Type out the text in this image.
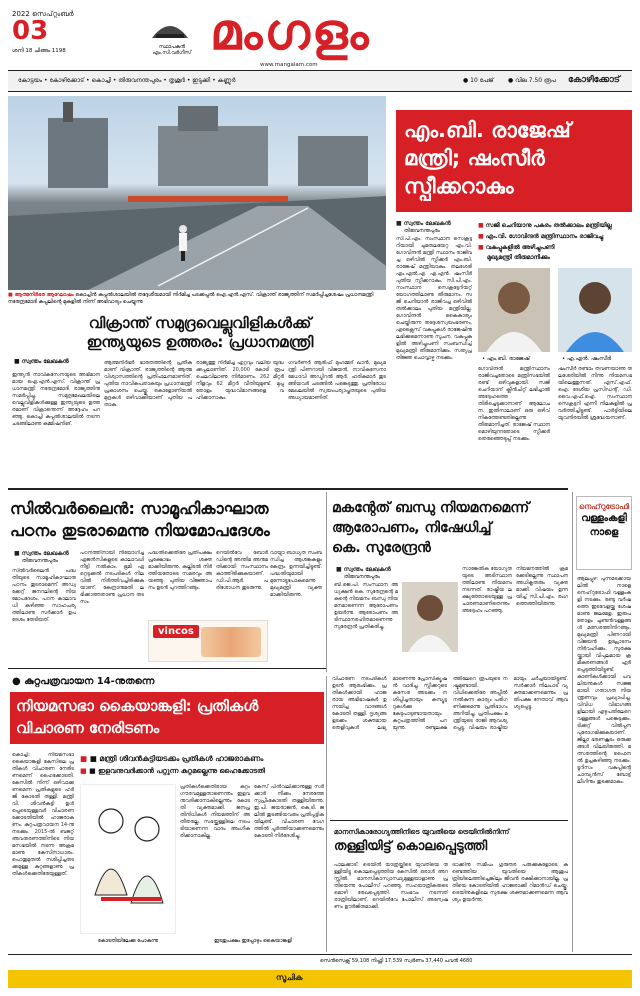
2022 സെപ്റ്റംബർ
03
ശനി 18 ചിങ്ങം 1198
സ്ഥാപകൻ
എം.സി.വർഗീസ് മംഗളം
www.mangalam.com
കോട്ടയം • കോഴിക്കോട് • കൊച്ചി • തിരുവനന്തപുരം • തൃശൂർ • ഇടുക്കി • കണ്ണൂർ	● 10 പേജ് ● വില 7.50 രൂപ കോഴിക്കോട്
■ ആത്മനിർഭര ആഘോഷം കൊച്ചിൻ കപ്പൽശാലയിൽ തദ്ദേശീയമായി നിർമിച്ച പടക്കപ്പൽ ഐ.എൻ.എസ്. വിക്രാന്ത് രാജ്യത്തിന് സമർപ്പിച്ചശേഷം പ്രധാനമന്ത്രി നരേന്ദ്രമോദി കപ്പലിന്റെ മുകളിൽ നിന്ന് അഭിവാദ്യം ചെയ്യുന്നു
എം.ബി. രാജേഷ്
മന്ത്രി; ഷംസീർ
സ്പീക്കറാകും
■ സ്വന്തം ലേഖകൻ
തിരുവനന്തപുരം
സി.പി.എം. സംസ്ഥാന സെക്രട്ടറിയായി ചുമതലയേറ്റ എം.വി. ഗോവിന്ദൻ മന്ത്രി സ്ഥാനം രാജിവച്ച ഒഴിവിൽ സ്പീക്കർ എം.ബി. രാജേഷ് മന്ത്രിയാകും. തലശേരി എം.എൽ.എ. എ.എൻ. ഷംസീർ പുതിയ സ്പീക്കറാകും. സി.പി.എം. സംസ്ഥാന സെക്രട്ടേറിയറ്റ് യോഗത്തിലാണു തീരുമാനം. സജി ചെറിയാൻ രാജിവച്ച ഒഴിവിൽ തൽക്കാലം പുതിയ മന്ത്രിയില്ല. ഗോവിന്ദൻ കൈകാര്യം ചെയ്തിരുന്ന തദ്ദേശസ്വയംഭരണം, എക്സൈസ് വകുപ്പുകൾ രാജേഷിനു ലഭിക്കുമെന്നാണു സൂചന. വകുപ്പുകളിൽ അഴിച്ചുപണി സംബന്ധിച്ച് മുഖ്യമന്ത്രി തീരുമാനിക്കും. സത്യപ്രതിജ്ഞ ചൊവ്വാഴ്ച നടക്കും.
■ സജി ചെറിയാനു പകരം തൽക്കാലം മന്ത്രിയില്ല
■ എം.വി. ഗോവിന്ദൻ മന്ത്രിസ്ഥാനം രാജിവച്ചു
■ വകുപ്പുകളിൽ അഴിച്ചുപണി
മുഖ്യമന്ത്രി തീരുമാനിക്കും
• എം.ബി. രാജേഷ്	• എ.എൻ. ഷംസീർ
ഗോവിന്ദൻ മന്ത്രിസ്ഥാനം രാജിവച്ചതോടെ മന്ത്രിസഭയിൽ രണ്ട് ഒഴിവുകളായി. സജി ചെറിയാന് ക്ലീൻചിറ്റ് ലഭിച്ചാൽ അദ്ദേഹത്തെ തിരിച്ചെടുക്കാനാണ് ആലോചന. ഇതിനാലാണ് ഒരു ഒഴിവ് നികത്തേണ്ടതില്ലെന്നു തീരുമാനിച്ചത്. രാജേഷ് സ്ഥാനമൊഴിയുന്നതോടെ സ്പീക്കർ തെരഞ്ഞെടുപ്പ് നടക്കും.
ഷംസീർ രണ്ടാം തവണയാണു തലശേരിയിൽ നിന്നു നിയമസഭയിലെത്തുന്നത്. എസ്.എഫ്.ഐ. ദേശീയ പ്രസിഡന്റ്, ഡി.വൈ.എഫ്.ഐ. സംസ്ഥാന സെക്രട്ടറി എന്നീ നിലകളിൽ പ്രവർത്തിച്ചിട്ടുണ്ട്. പാർട്ടിയിലെ യുവനിരയിൽ ശ്രദ്ധേയനാണ്.
വിക്രാന്ത് സമുദ്രവെല്ലുവിളികൾക്ക്
ഇന്ത്യയുടെ ഉത്തരം: പ്രധാനമന്ത്രി
■ സ്വന്തം ലേഖകൻ
ഇന്ത്യൻ നാവികസേനയുടെ അഭിമാനമായ ഐ.എൻ.എസ്. വിക്രാന്ത് പ്രധാനമന്ത്രി നരേന്ദ്രമോദി രാജ്യത്തിനു സമർപ്പിച്ചു. സമുദ്രമേഖലയിലെ വെല്ലുവിളികൾക്കുള്ള ഇന്ത്യയുടെ ഉത്തരമാണ് വിക്രാന്തെന്ന് അദ്ദേഹം പറഞ്ഞു. കൊച്ചി കപ്പൽശാലയിൽ നടന്ന ചടങ്ങിലാണു കമ്മിഷനിങ്.
ആത്മനിർഭർ ഭാരതത്തിന്റെ പ്രതീകമാണ് വിക്രാന്ത്. രാജ്യത്തിന്റെ ആത്മവിശ്വാസത്തിന്റെ പ്രതിഫലനമാണിത്. പുതിയ നാവികപതാകയും പ്രധാനമന്ത്രി പ്രകാശനം ചെയ്തു. കൊളോണിയൽ മുദ്രകൾ ഒഴിവാക്കിയാണ് പുതിയ പതാക.
രാജ്യത്തു നിർമിച്ച ഏറ്റവും വലിയ യുദ്ധക്കപ്പലാണിത്. 20,000 കോടി രൂപ ചെലവിലാണു നിർമാണം. 262 മീറ്റർ നീളവും 62 മീറ്റർ വീതിയുമുണ്ട്. മുപ്പതോളം യുദ്ധവിമാനങ്ങളെ വഹിക്കാനാകും.
ഗവർണർ ആരിഫ് മുഹമ്മദ് ഖാൻ, മുഖ്യമന്ത്രി പിണറായി വിജയൻ, നാവികസേനാ മേധാവി അഡ്മിറൽ ആർ. ഹരികുമാർ തുടങ്ങിയവർ ചടങ്ങിൽ പങ്കെടുത്തു. പ്രതിരോധ മേഖലയിൽ സ്വയംപര്യാപ്തതയുടെ പുതിയ അധ്യായമാണിത്.
സിൽവർലൈൻ: സാമൂഹികാഘാത
പഠനം തുടരാമെന്നു നിയമോപദേശം
■ സ്വന്തം ലേഖകൻ
തിരുവനന്തപുരം
സിൽവർലൈൻ പദ്ധതിയുടെ സാമൂഹികാഘാത പഠനം തുടരാമെന്ന് അഡ്വക്കേറ്റ് ജനറലിന്റെ നിയമോപദേശം. പഠന കാലാവധി കഴിഞ്ഞ സാഹചര്യത്തിലാണു സർക്കാർ ഉപദേശം തേടിയത്.
പഠനത്തിനായി നിയോഗിച്ച ഏജൻസികളുടെ കാലാവധി നീട്ടി നൽകാം. ഭൂമി ഏറ്റെടുക്കൽ നടപടികൾ നിലവിൽ നിർത്തിവച്ചിരിക്കുകയാണ്. കേന്ദ്രാനുമതി ലഭിക്കാത്തതാണു പ്രധാന തടസം.
പദ്ധതിക്കെതിരേ പ്രതിപക്ഷം പ്രക്ഷോഭം ശക്തമാക്കിയിരുന്നു. കല്ലിടൽ നിർത്തിയതോടെ സമരവും അയഞ്ഞു. പുതിയ വിജ്ഞാപനം ഉടൻ പുറത്തിറങ്ങും.
റെയിൽവേ ബോർഡിന്റെ അന്തിമ അനുമതിക്കായി സംസ്ഥാനം കാത്തിരിക്കുകയാണ്. ഡി.പി.ആർ. പരിശോധന തുടരുന്നു.
വായ്പാ ബാധ്യത സംബന്ധിച്ച ആശങ്കകളും കേന്ദ്രം ഉന്നയിച്ചിട്ടുണ്ട്. പദ്ധതിയുമായി മുന്നോട്ടുപോകുമെന്നു മുഖ്യമന്ത്രി വ്യക്തമാക്കിയിരുന്നു.
vincos
മകന്റേത് ബന്ധു നിയമനമെന്ന്
ആരോപണം, നിഷേധിച്ച്
കെ. സുരേന്ദ്രൻ
■ സ്വന്തം ലേഖകൻ
തിരുവനന്തപുരം
ബി.ജെ.പി. സംസ്ഥാന അധ്യക്ഷൻ കെ. സുരേന്ദ്രന്റെ മകന്റെ നിയമനം ബന്ധു നിയമനമാണെന്ന ആരോപണം ഉയർന്നു. ആരോപണം അടിസ്ഥാനരഹിതമാണെന്നു സുരേന്ദ്രൻ പ്രതികരിച്ചു.
സാങ്കേതിക യോഗ്യതയുടെ അടിസ്ഥാനത്തിലാണു നിയമനം നടന്നത്. രാഷ്ട്രീയ ലക്ഷ്യത്തോടെയുള്ള പ്രചാരണമാണിതെന്നും അദ്ദേഹം പറഞ്ഞു.
നിയമനത്തിൽ ക്രമക്കേടില്ലെന്നു സ്ഥാപന അധികൃതരും വ്യക്തമാക്കി. വിഷയം ഉന്നയിച്ച് സി.പി.എം. രംഗത്തെത്തിയിരുന്നു.
നെഹ്‌റുട്രോഫി
വള്ളംകളി
നാളെ
ആലപ്പുഴ: പുന്നമടക്കായലിൽ നാളെ നെഹ്‌റുട്രോഫി വള്ളംകളി നടക്കും. രണ്ടു വർഷത്തെ ഇടവേളയ്ക്കു ശേഷമാണു ജലമേള. ഇരുപതോളം ചുണ്ടൻവള്ളങ്ങൾ മത്സരത്തിനിറങ്ങും. മുഖ്യമന്ത്രി പിണറായി വിജയൻ ഉദ്ഘാടനം നിർവഹിക്കും. സുരക്ഷയ്ക്കായി വിപുലമായ ക്രമീകരണങ്ങൾ ഏർപ്പെടുത്തിയിട്ടുണ്ട്. കാണികൾക്കായി പവലിയനുകൾ സജ്ജമായി. ഗതാഗത നിയന്ത്രണവും പ്രഖ്യാപിച്ചു. വിവിധ വിഭാഗങ്ങളിലായി എഴുപതിലേറെ വള്ളങ്ങൾ പങ്കെടുക്കും. ടിക്കറ്റ് വിൽപ്പന പുരോഗമിക്കുകയാണ്. ജില്ലാ ഭരണകൂടം ഒരുക്കങ്ങൾ വിലയിരുത്തി. മത്സരത്തിന്റെ ഫൈനൽ ഉച്ചകഴിഞ്ഞു നടക്കും. ടൂറിസം വകുപ്പിന്റെ ചാമ്പ്യൻസ് ബോട്ട് ലീഗിനും തുടക്കമാകും.
● കുറ്റപത്രവായന 14-നുതന്നെ
നിയമസഭാ കൈയാങ്കളി: പ്രതികൾ
വിചാരണ നേരിടണം
കൊച്ചി: നിയമസഭാ കൈയാങ്കളി കേസിലെ പ്രതികൾ വിചാരണ നേരിടണമെന്ന് ഹൈക്കോടതി. കേസിൽ നിന്ന് ഒഴിവാക്കണമെന്ന പ്രതികളുടെ ഹർജി കോടതി തള്ളി. മന്ത്രി വി. ശിവൻകുട്ടി ഉൾപ്പെടെയുള്ളവർ വിചാരണക്കോടതിയിൽ ഹാജരാകണം. കുറ്റപത്രവായന 14-നു നടക്കും. 2015-ൽ ബജറ്റ് അവതരണത്തിനിടെ നിയമസഭയിൽ നടന്ന അക്രമമാണു കേസിനാധാരം. പൊതുമുതൽ നശിപ്പിച്ചതടക്കമുള്ള കുറ്റങ്ങളാണു പ്രതികൾക്കെതിരേയുള്ളത്.
■ ■ മന്ത്രി ശിവൻകുട്ടിയടക്കം പ്രതികൾ ഹാജരാകണം
■ ■ ഇളവനുവദിക്കാൻ പറ്റുന്ന കുറ്റമല്ലെന്നു ഹൈക്കോടതി
കോടതിയിലേക്കു പോകുന്നു	ഇടതുപക്ഷം ഇപ്പോഴും കൈയാങ്കളി
പ്രതികൾക്കെതിരായ കുറ്റം ഗൗരവമുള്ളതാണെന്നും ഇളവനുവദിക്കാനാകില്ലെന്നും കോടതി വ്യക്തമാക്കി. ജനപ്രതിനിധികൾ നിയമത്തിന് അതീതരല്ല. സഭയ്ക്കുള്ളിലെ നടപടിയാണെന്ന വാദം അംഗീകരിക്കാനാകില്ല.
കേസ് പിൻവലിക്കാനുള്ള സർക്കാർ നീക്കം നേരത്തേ സുപ്രീംകോടതി തള്ളിയിരുന്നു. ഇ.പി. ജയരാജൻ, കെ.ടി. ജലീൽ തുടങ്ങിയവരും പ്രതിപ്പട്ടികയിലുണ്ട്. വിചാരണ വേഗത്തിൽ പൂർത്തിയാക്കണമെന്നും കോടതി നിർദേശിച്ചു.	മാനസികാരോഗ്യത്തിനിടെ യുവതിയെ ട്രെയിനിൽനിന്ന്
തള്ളിയിട്ട് കൊലപ്പെടുത്തി
പാലക്കാട്: ട്രെയിൻ യാത്രയ്ക്കിടെ യുവതിയെ തള്ളിയിട്ടു കൊലപ്പെടുത്തിയ കേസിൽ ഒരാൾ അറസ്റ്റിൽ. മാനസികാസ്വാസ്ഥ്യമുള്ളയാളാണു പ്രതിയെന്നു പോലീസ് പറഞ്ഞു. സഹയാത്രികരുടെ മൊഴി രേഖപ്പെടുത്തി. സംഭവം നടന്നത് രാത്രിയിലാണ്. റെയിൽവേ പോലീസ് അന്വേഷണം ഊർജിതമാക്കി.
ട്രാക്കിനു സമീപം ഗുരുതര പരുക്കുകളോടെ കണ്ടെത്തിയ യുവതിയെ ആശുപത്രിയിലെത്തിച്ചെങ്കിലും ജീവൻ രക്ഷിക്കാനായില്ല. പ്രതിയെ കോടതിയിൽ ഹാജരാക്കി റിമാൻഡ് ചെയ്തു. ട്രെയിനുകളിലെ സുരക്ഷ ശക്തമാക്കണമെന്ന ആവശ്യം ഉയർന്നു.
വിചാരണ നടപടികൾ ഉടൻ ആരംഭിക്കും. പ്രതികൾക്കായി ഹാജരായ അഭിഭാഷകർ ഉന്നയിച്ച വാദങ്ങൾ കോടതി തള്ളി. ദൃശ്യങ്ങളടക്കം ശക്തമായ തെളിവുകൾ ലഭ്യമാണെന്നു പ്രോസിക്യൂഷൻ വാദിച്ചു. സ്പീക്കറുടെ കസേര അടക്കം നശിപ്പിച്ചതായും കമ്പ്യൂട്ടറുകൾക്കു കേടുപാടുണ്ടായതായും കുറ്റപത്രത്തിൽ പറയുന്നു. രണ്ടുലക്ഷത്തിലേറെ രൂപയുടെ നഷ്ടമുണ്ടായി. വിധിക്കെതിരേ അപ്പീൽ നൽകുന്ന കാര്യം പരിഗണിക്കുമെന്നു പ്രതിഭാഗം അറിയിച്ചു. പ്രതിപക്ഷം മന്ത്രിയുടെ രാജി ആവശ്യപ്പെട്ടു. വിഷയം രാഷ്ട്രീയമായും ചർച്ചയായിട്ടുണ്ട്. സർക്കാർ നിലപാട് വ്യക്തമാക്കണമെന്നും പ്രതിപക്ഷ നേതാവ് ആവശ്യപ്പെട്ടു.
സെൻസെക്സ് 59,108 നിഫ്റ്റി 17,539 സ്വർണം 37,440 പവൻ 4680
സൂചിക
